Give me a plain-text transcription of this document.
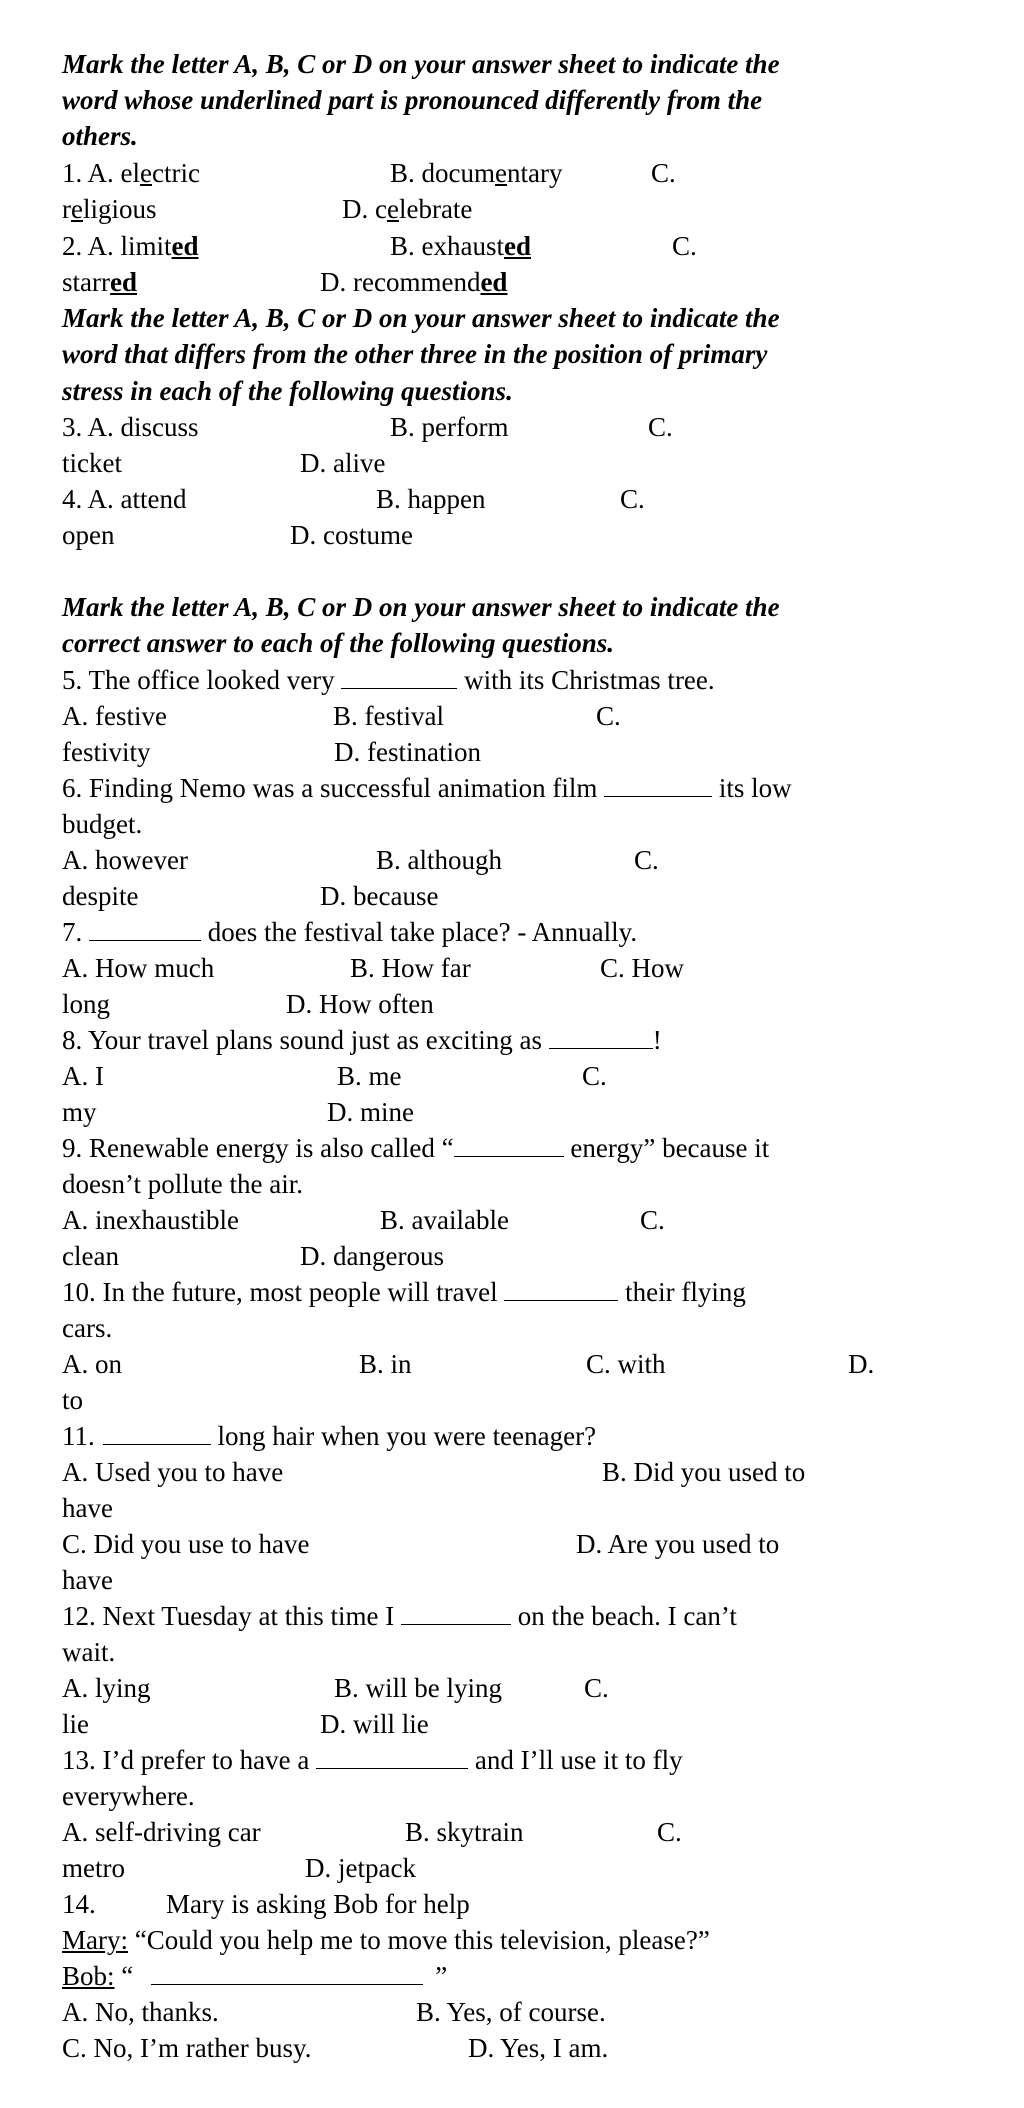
Mark the letter A, B, C or D on your answer sheet to indicate the
word whose underlined part is pronounced differently from the
others.
1. A. electric	B. documentary	C.
religious	D. celebrate
2. A. limited	B. exhausted	C.
starred	D. recommended
Mark the letter A, B, C or D on your answer sheet to indicate the
word that differs from the other three in the position of primary
stress in each of the following questions.
3. A. discuss	B. perform	C.
ticket	D. alive
4. A. attend	B. happen	C.
open	D. costume
Mark the letter A, B, C or D on your answer sheet to indicate the
correct answer to each of the following questions.
5. The office looked very	with its Christmas tree.
A. festive	B. festival	C.
festivity	D. festination
6. Finding Nemo was a successful animation film	its low
budget.
A. however	B. although	C.
despite	D. because
7.	does the festival take place? - Annually.
A. How much	B. How far	C. How
long	D. How often
8. Your travel plans sound just as exciting as	!
A. I	B. me	C.
my	D. mine
9. Renewable energy is also called “	energy” because it
doesn’t pollute the air.
A. inexhaustible	B. available	C.
clean	D. dangerous
10. In the future, most people will travel	their flying
cars.
A. on	B. in	C. with	D.
to
11.	long hair when you were teenager?
A. Used you to have	B. Did you used to
have
C. Did you use to have	D. Are you used to
have
12. Next Tuesday at this time I	on the beach. I can’t
wait.
A. lying	B. will be lying	C.
lie	D. will lie
13. I’d prefer to have a	and I’ll use it to fly
everywhere.
A. self-driving car	B. skytrain	C.
metro	D. jetpack
14.	Mary is asking Bob for help
Mary: “Could you help me to move this television, please?”
Bob: “	”
A. No, thanks.	B. Yes, of course.
C. No, I’m rather busy.	D. Yes, I am.
